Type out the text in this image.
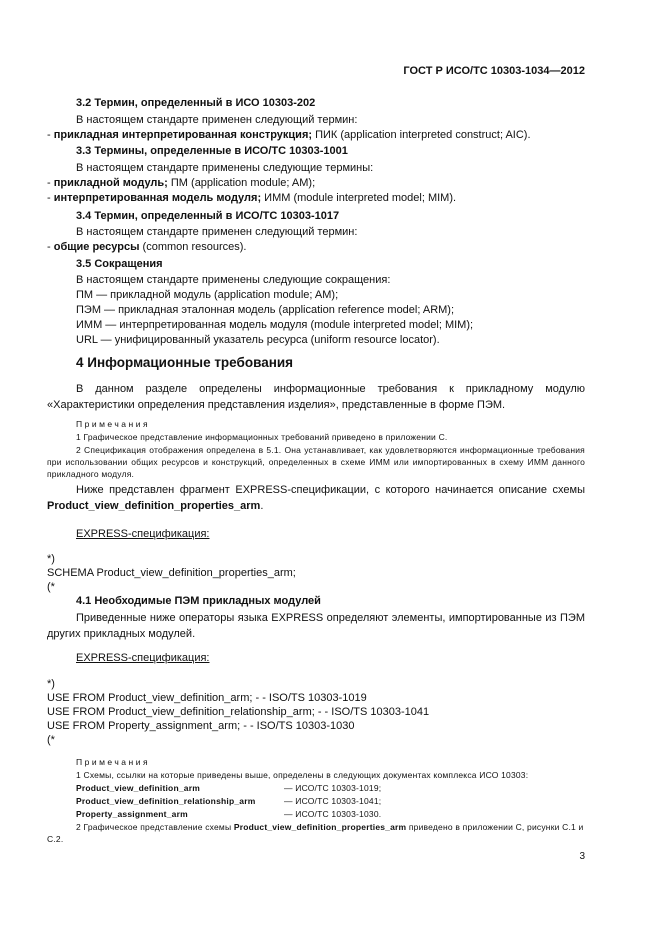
ГОСТ Р ИСО/ТС 10303-1034—2012
3.2 Термин, определенный в ИСО 10303-202
В настоящем стандарте применен следующий термин:
- прикладная интерпретированная конструкция; ПИК (application interpreted construct; AIC).
3.3 Термины, определенные в ИСО/ТС 10303-1001
В настоящем стандарте применены следующие термины:
- прикладной модуль; ПМ (application module; AM);
- интерпретированная модель модуля; ИММ (module interpreted model; MIM).
3.4 Термин, определенный в ИСО/ТС 10303-1017
В настоящем стандарте применен следующий термин:
- общие ресурсы (common resources).
3.5 Сокращения
В настоящем стандарте применены следующие сокращения:
ПМ — прикладной модуль (application module; AM);
ПЭМ — прикладная эталонная модель (application reference model; ARM);
ИММ — интерпретированная модель модуля (module interpreted model; MIM);
URL — унифицированный указатель ресурса (uniform resource locator).
4 Информационные требования
В данном разделе определены информационные требования к прикладному модулю «Характеристики определения представления изделия», представленные в форме ПЭМ.
Примечания
1 Графическое представление информационных требований приведено в приложении С.
2 Спецификация отображения определена в 5.1. Она устанавливает, как удовлетворяются информационные требования при использовании общих ресурсов и конструкций, определенных в схеме ИММ или импортированных в схему ИММ данного прикладного модуля.
Ниже представлен фрагмент EXPRESS-спецификации, с которого начинается описание схемы Product_view_definition_properties_arm.
EXPRESS-спецификация:
*)
SCHEMA Product_view_definition_properties_arm;
(*
4.1 Необходимые ПЭМ прикладных модулей
Приведенные ниже операторы языка EXPRESS определяют элементы, импортированные из ПЭМ других прикладных модулей.
EXPRESS-спецификация:
*)
USE FROM Product_view_definition_arm; - - ISO/TS 10303-1019
USE FROM Product_view_definition_relationship_arm; - - ISO/TS 10303-1041
USE FROM Property_assignment_arm; - - ISO/TS 10303-1030
(*
Примечания
1 Схемы, ссылки на которые приведены выше, определены в следующих документах комплекса ИСО 10303:
Product_view_definition_arm	— ИСО/ТС 10303-1019;
Product_view_definition_relationship_arm	— ИСО/ТС 10303-1041;
Property_assignment_arm	— ИСО/ТС 10303-1030.
2 Графическое представление схемы Product_view_definition_properties_arm приведено в приложении С, рисунки С.1 и С.2.
3
